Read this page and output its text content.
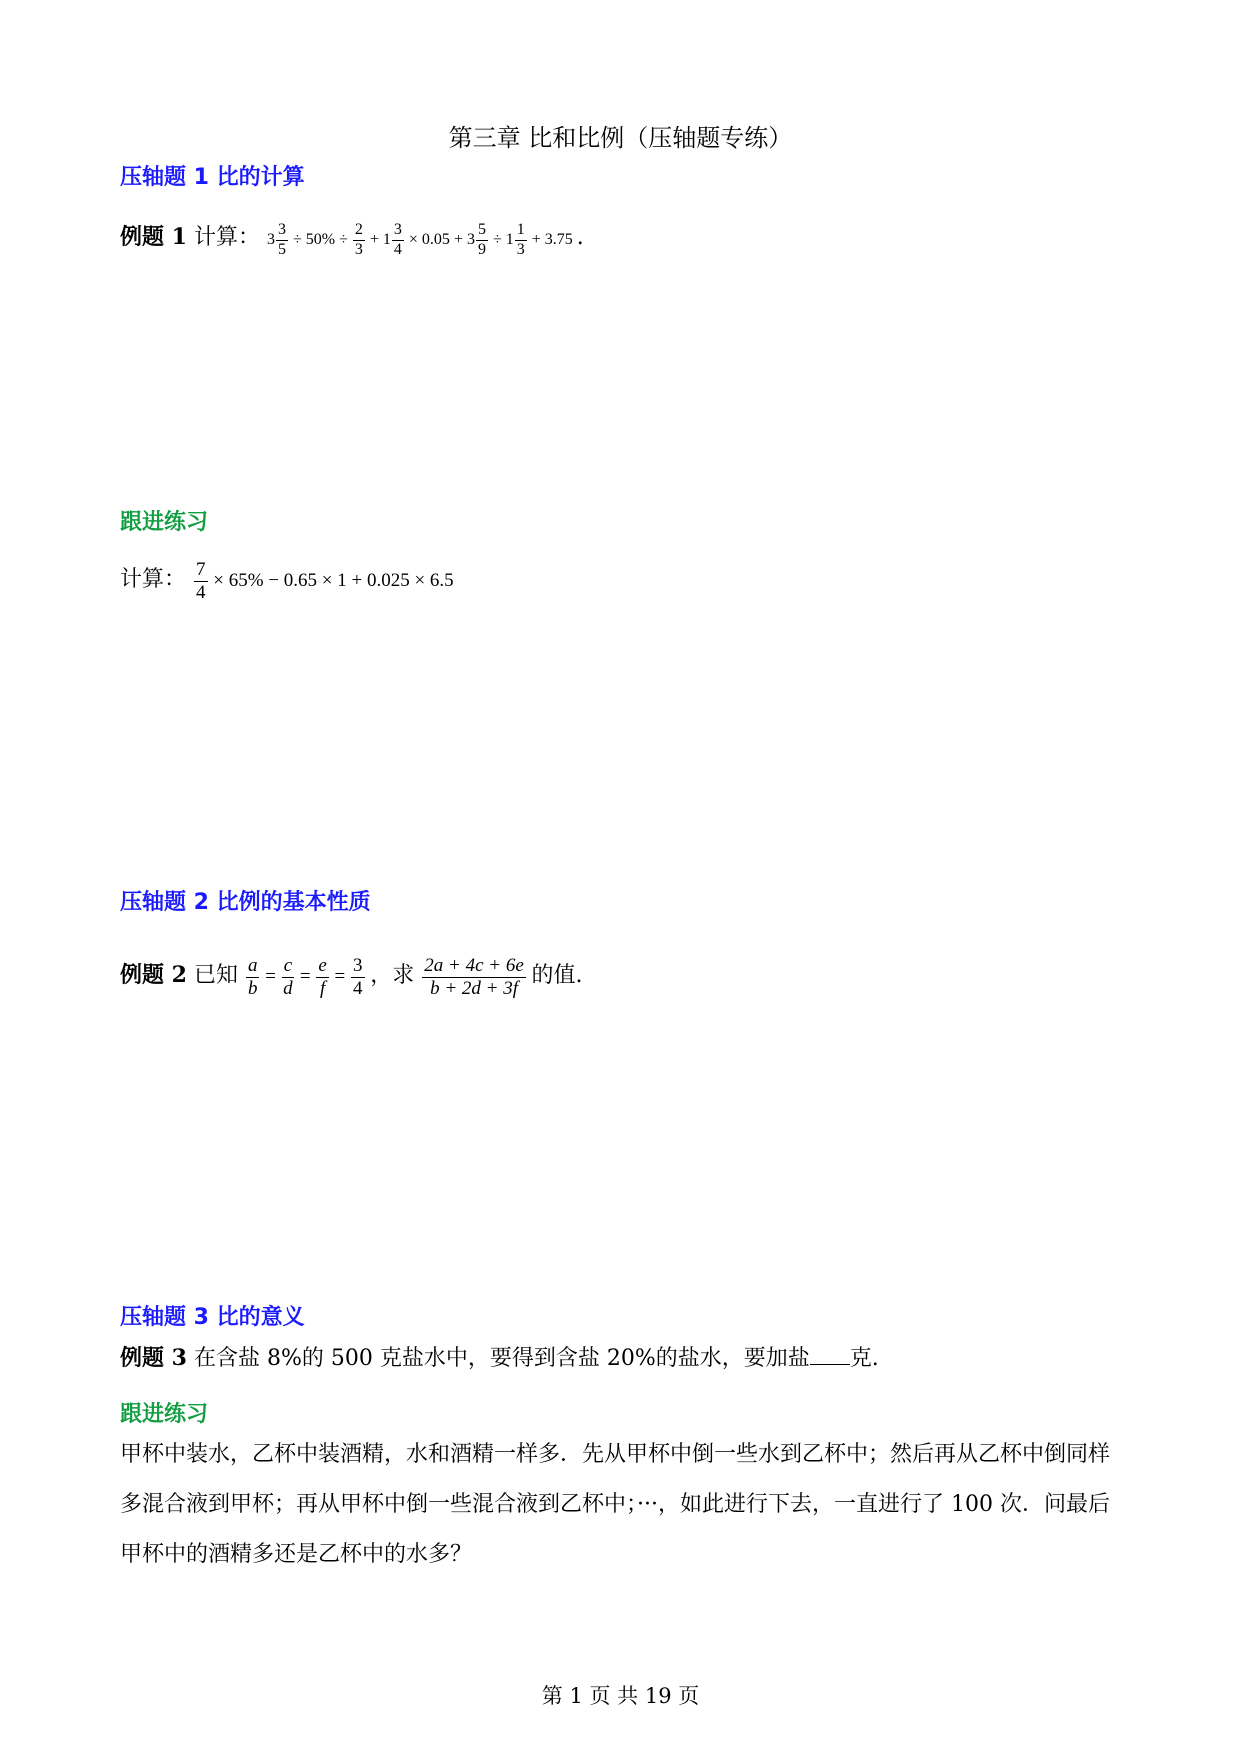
第三章 比和比例（压轴题专练）
压轴题 1 比的计算
例题 1 计算： $3 \frac{3}{5} \div 50\% \div \frac{2}{3} + 1 \frac{3}{4} \times 0.05 + 3 \frac{5}{9} \div 1 \frac{1}{3} + 3.75$ .
跟进练习
计算： $\frac{7}{4} \times 65\% - 0.65 \times 1 + 0.025 \times 6.5$
压轴题 2 比例的基本性质
例题 2 已知 $\frac{a}{b} = \frac{c}{d} = \frac{e}{f} = \frac{3}{4}$ ，求 $\frac{2a + 4c + 6e}{b + 2d + 3f}$ 的值.
压轴题 3 比的意义
例题 3 在含盐 8%的 500 克盐水中，要得到含盐 20%的盐水，要加盐 克.
跟进练习
甲杯中装水，乙杯中装酒精，水和酒精一样多．先从甲杯中倒一些水到乙杯中；然后再从乙杯中倒同样多混合液到甲杯；再从甲杯中倒一些混合液到乙杯中；···，如此进行下去，一直进行了 100 次．问最后甲杯中的酒精多还是乙杯中的水多？
第 1 页 共 19 页
